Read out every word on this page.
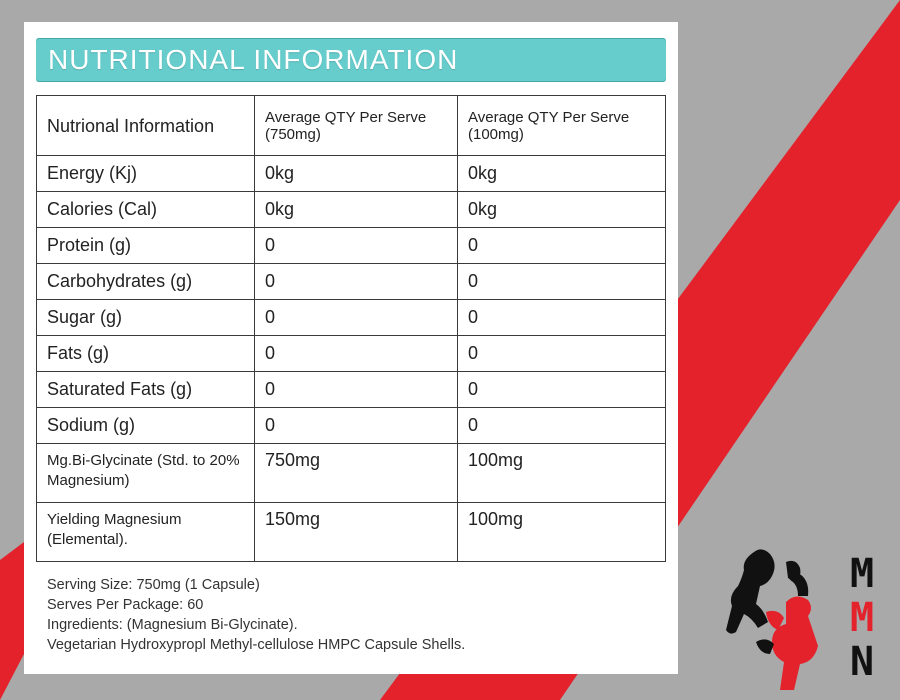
NUTRITIONAL INFORMATION
Nutrional Information	Average QTY Per Serve (750mg)	Average QTY Per Serve (100mg)
Energy (Kj)	0kg	0kg
Calories (Cal)	0kg	0kg
Protein (g)	0	0
Carbohydrates (g)	0	0
Sugar (g)	0	0
Fats (g)	0	0
Saturated Fats (g)	0	0
Sodium (g)	0	0
Mg.Bi-Glycinate (Std. to 20% Magnesium)	750mg	100mg
Yielding Magnesium (Elemental).	150mg	100mg
Serving Size: 750mg (1 Capsule)
Serves Per Package: 60
Ingredients: (Magnesium Bi-Glycinate).
Vegetarian Hydroxypropl Methyl-cellulose HMPC Capsule Shells.
M
M
N
